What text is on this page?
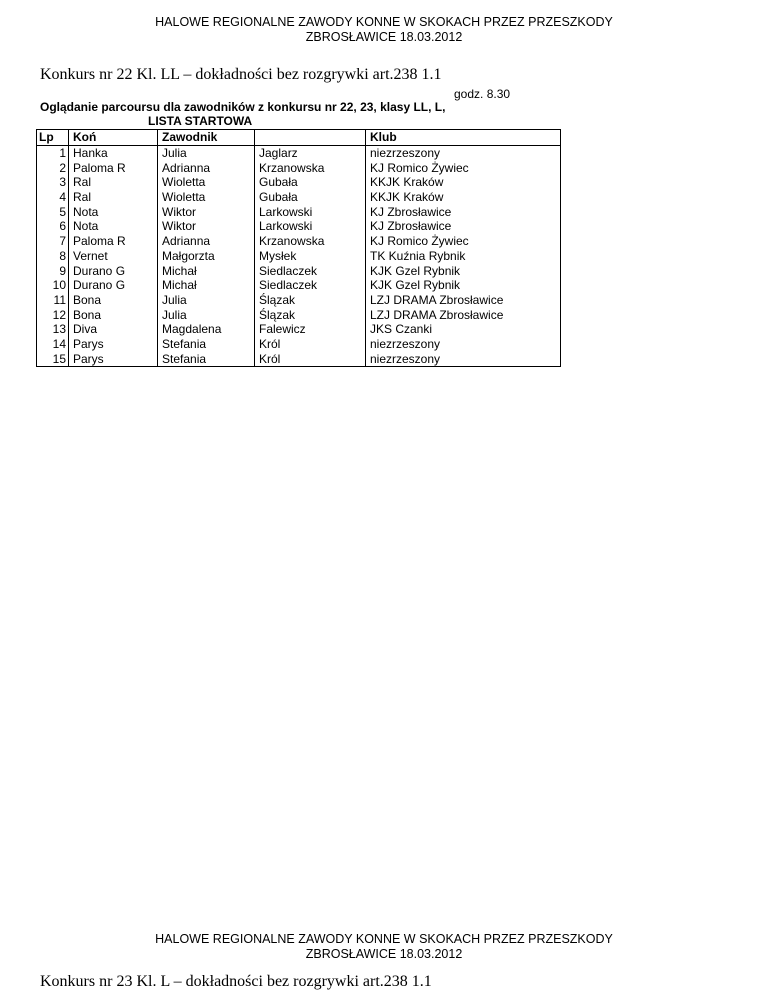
HALOWE REGIONALNE ZAWODY KONNE W SKOKACH PRZEZ PRZESZKODY
ZBROSŁAWICE 18.03.2012
Konkurs nr 22 Kl. LL – dokładności bez rozgrywki art.238 1.1
godz. 8.30
Oglądanie parcoursu dla zawodników z konkursu nr 22, 23, klasy LL, L,
LISTA STARTOWA
Lp	Koń	Zawodnik		Klub
1	Hanka	Julia	Jaglarz	niezrzeszony
2	Paloma R	Adrianna	Krzanowska	KJ Romico Żywiec
3	Ral	Wioletta	Gubała	KKJK Kraków
4	Ral	Wioletta	Gubała	KKJK Kraków
5	Nota	Wiktor	Larkowski	KJ Zbrosławice
6	Nota	Wiktor	Larkowski	KJ Zbrosławice
7	Paloma R	Adrianna	Krzanowska	KJ Romico Żywiec
8	Vernet	Małgorzta	Mysłek	TK Kuźnia Rybnik
9	Durano G	Michał	Siedlaczek	KJK Gzel Rybnik
10	Durano G	Michał	Siedlaczek	KJK Gzel Rybnik
11	Bona	Julia	Ślązak	LZJ DRAMA Zbrosławice
12	Bona	Julia	Ślązak	LZJ DRAMA Zbrosławice
13	Diva	Magdalena	Falewicz	JKS Czanki
14	Parys	Stefania	Król	niezrzeszony
15	Parys	Stefania	Król	niezrzeszony
HALOWE REGIONALNE ZAWODY KONNE W SKOKACH PRZEZ PRZESZKODY
ZBROSŁAWICE 18.03.2012
Konkurs nr 23 Kl. L – dokładności bez rozgrywki art.238 1.1
